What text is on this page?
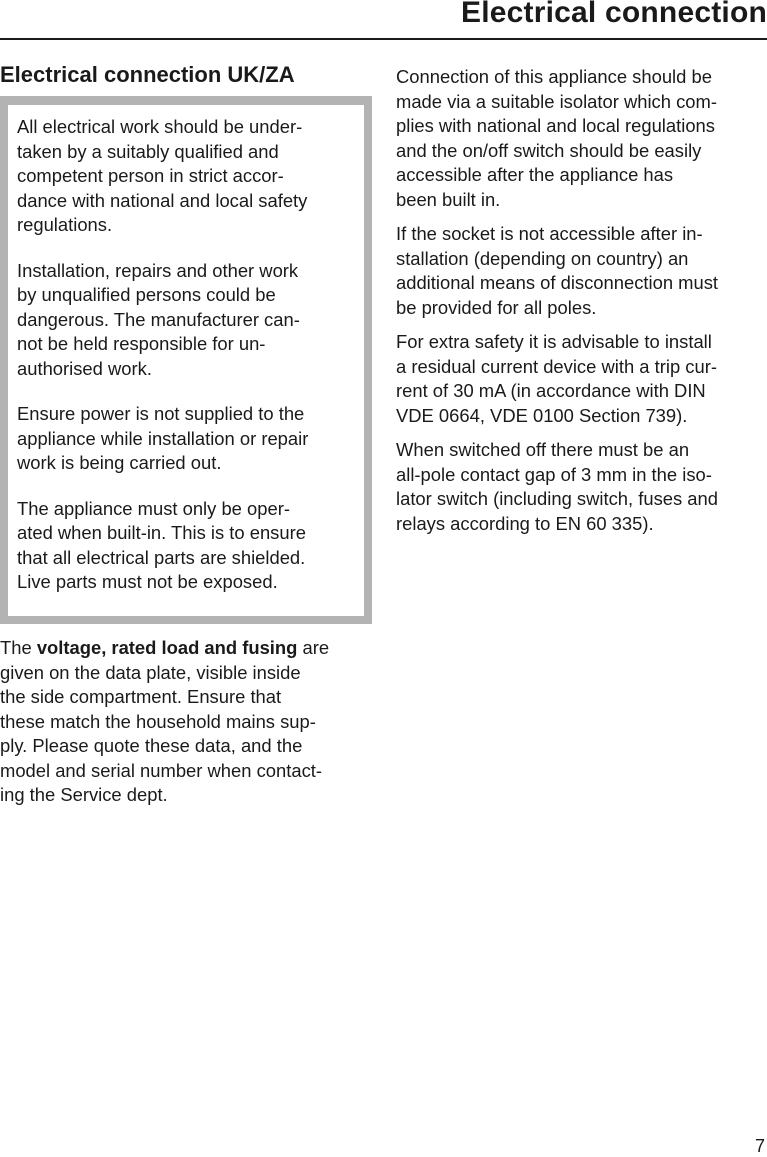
Electrical connection
Electrical connection UK/ZA

All electrical work should be under-
taken by a suitably qualified and
competent person in strict accor-
dance with national and local safety
regulations.

Installation, repairs and other work
by unqualified persons could be
dangerous. The manufacturer can-
not be held responsible for un-
authorised work.

Ensure power is not supplied to the
appliance while installation or repair
work is being carried out.

The appliance must only be oper-
ated when built-in. This is to ensure
that all electrical parts are shielded.
Live parts must not be exposed.

The voltage, rated load and fusing are
given on the data plate, visible inside
the side compartment. Ensure that
these match the household mains sup-
ply. Please quote these data, and the
model and serial number when contact-
ing the Service dept.

Connection of this appliance should be
made via a suitable isolator which com-
plies with national and local regulations
and the on/off switch should be easily
accessible after the appliance has
been built in.

If the socket is not accessible after in-
stallation (depending on country) an
additional means of disconnection must
be provided for all poles.

For extra safety it is advisable to install
a residual current device with a trip cur-
rent of 30 mA (in accordance with DIN
VDE 0664, VDE 0100 Section 739).

When switched off there must be an
all-pole contact gap of 3 mm in the iso-
lator switch (including switch, fuses and
relays according to EN 60 335).

7
